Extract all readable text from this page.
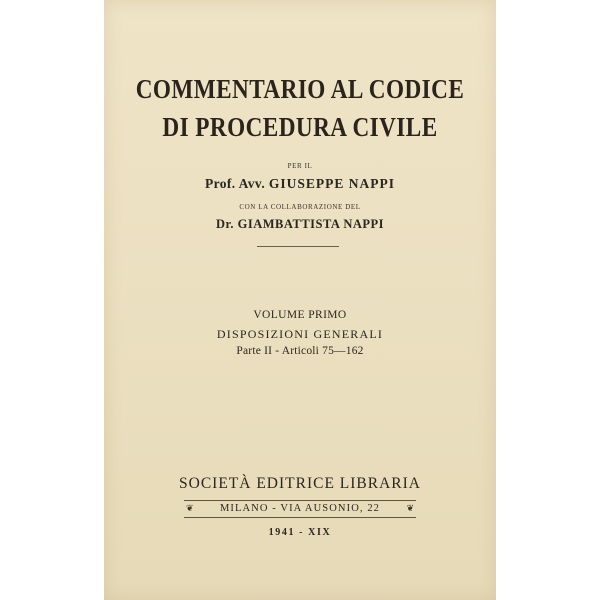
COMMENTARIO AL CODICE
DI PROCEDURA CIVILE
PER IL
Prof. Avv. GIUSEPPE NAPPI
CON LA COLLABORAZIONE DEL
Dr. GIAMBATTISTA NAPPI
VOLUME PRIMO
DISPOSIZIONI GENERALI
Parte II - Articoli 75—162
SOCIETÀ EDITRICE LIBRARIA
❦	MILANO - VIA AUSONIO, 22	❦
1941 - XIX
